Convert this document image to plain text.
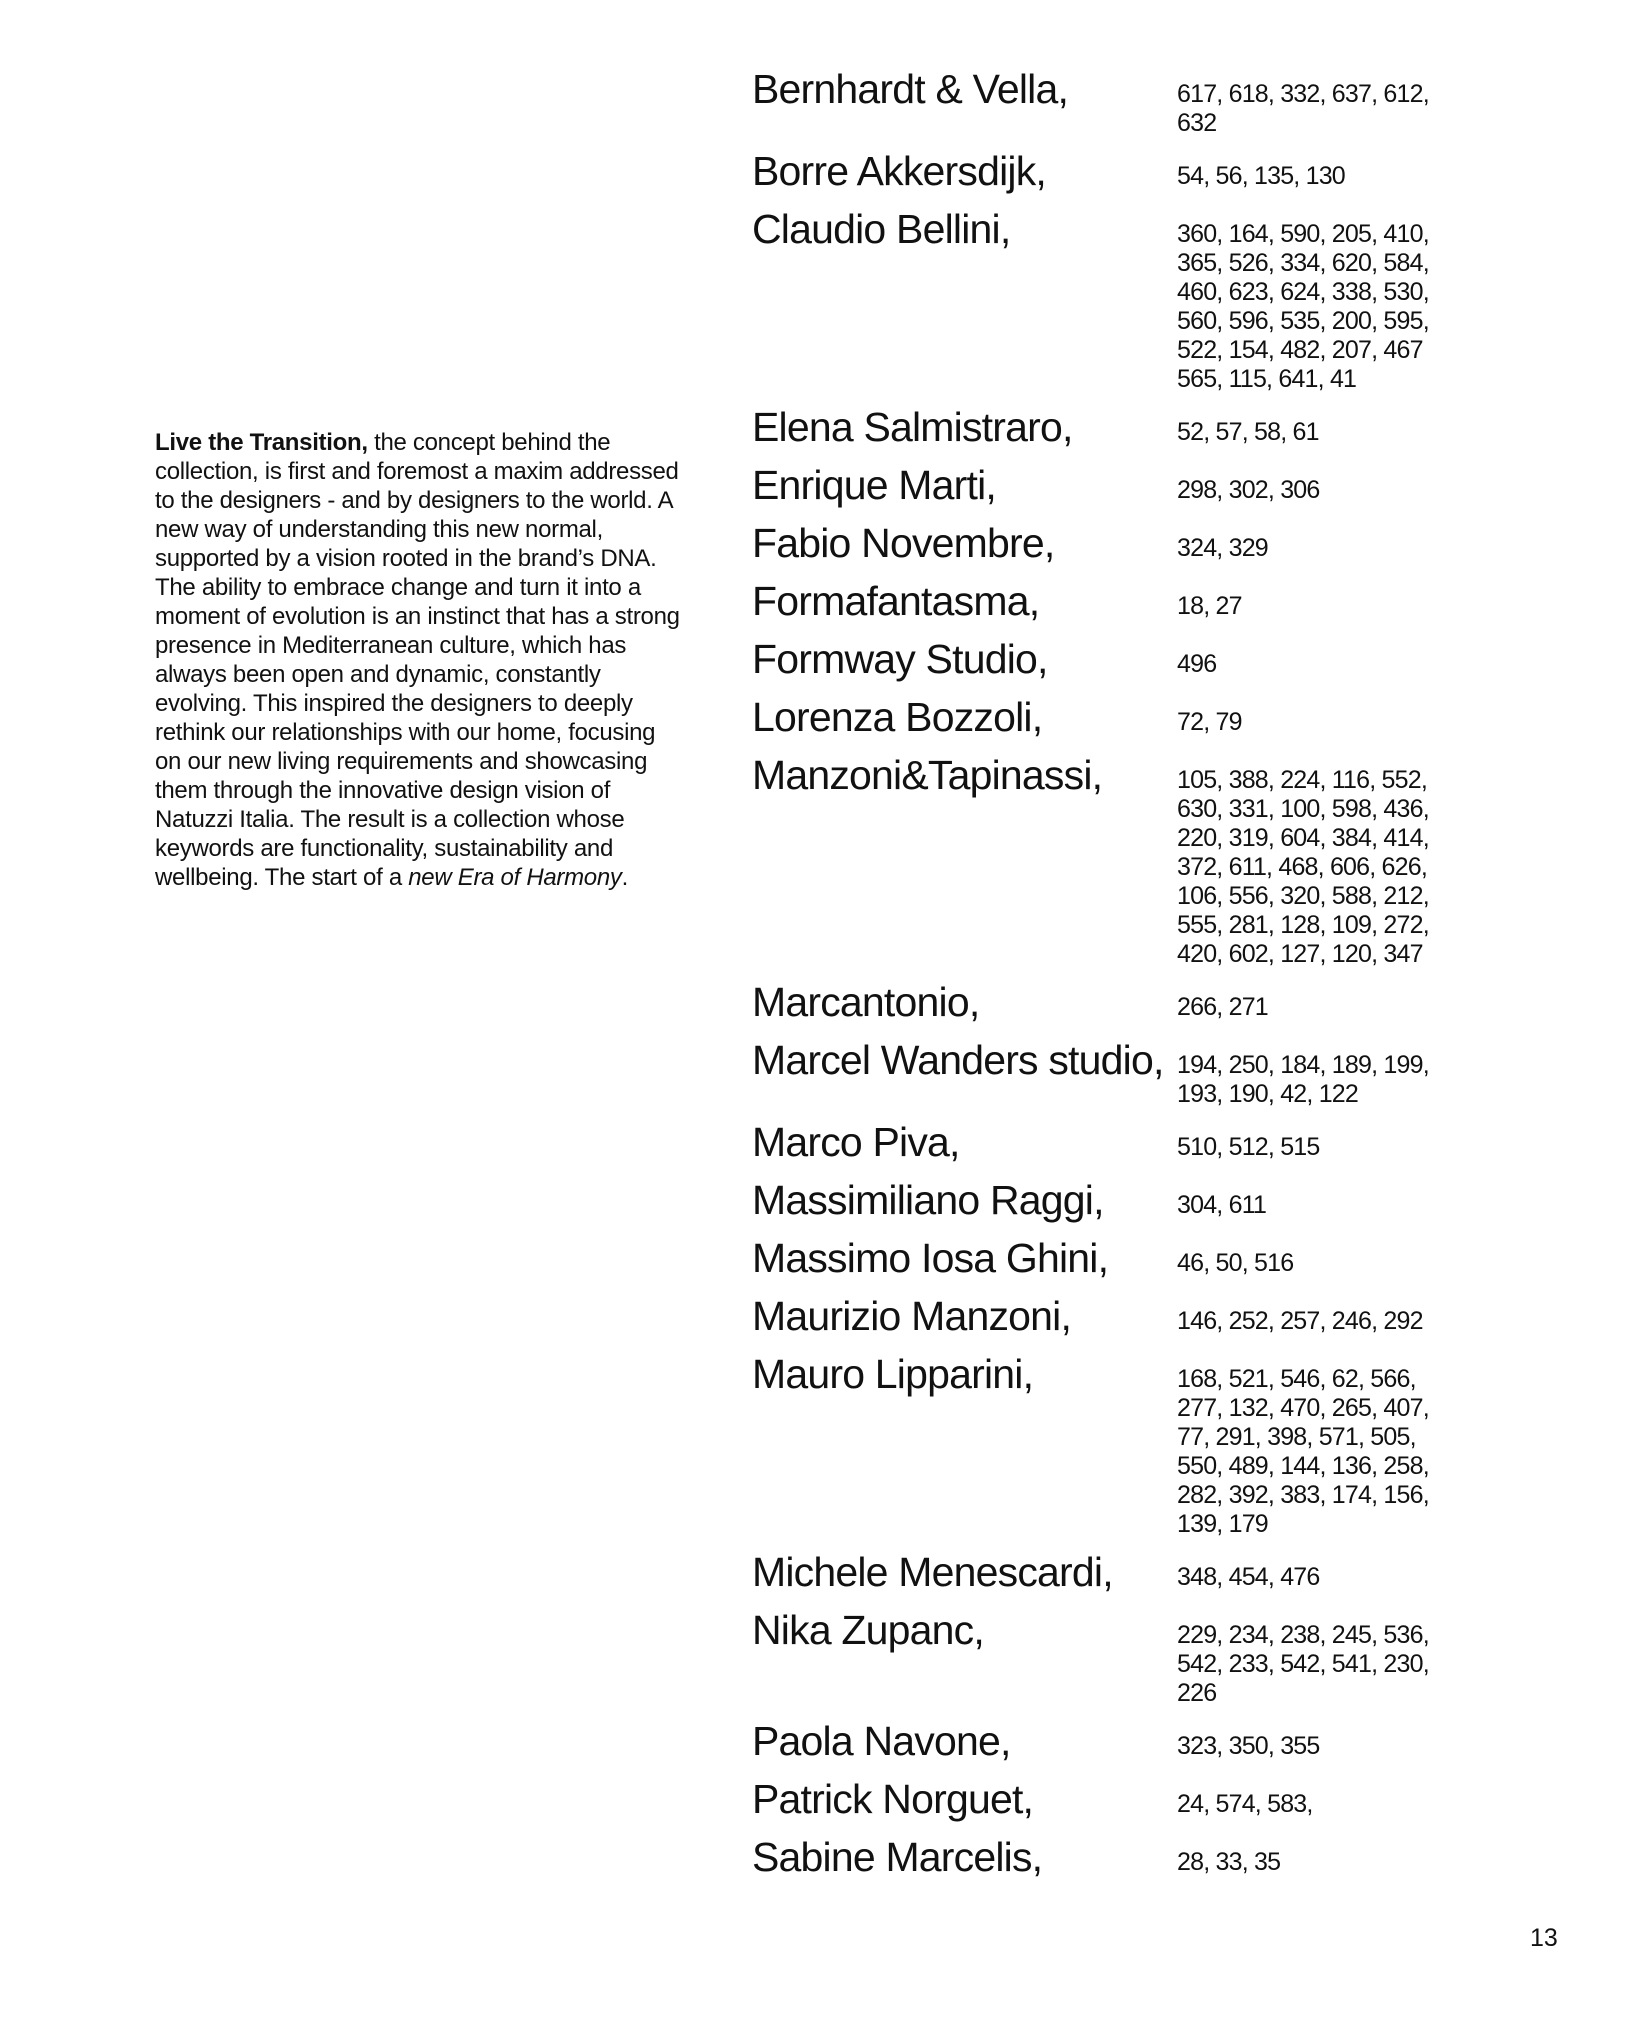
Live the Transition, the concept behind the collection, is first and foremost a maxim addressed to the designers - and by designers to the world. A new way of understanding this new normal, supported by a vision rooted in the brand’s DNA. The ability to embrace change and turn it into a moment of evolution is an instinct that has a strong presence in Mediterranean culture, which has always been open and dynamic, constantly evolving. This inspired the designers to deeply rethink our relationships with our home, focusing on our new living requirements and showcasing them through the innovative design vision of Natuzzi Italia. The result is a collection whose keywords are functionality, sustainability and wellbeing. The start of a new Era of Harmony.
Bernhardt & Vella,	617, 618, 332, 637, 612, 632
Borre Akkersdijk,	54, 56, 135, 130
Claudio Bellini,	360, 164, 590, 205, 410, 365, 526, 334, 620, 584, 460, 623, 624, 338, 530, 560, 596, 535, 200, 595, 522, 154, 482, 207, 467 565, 115, 641, 41
Elena Salmistraro,	52, 57, 58, 61
Enrique Marti,	298, 302, 306
Fabio Novembre,	324, 329
Formafantasma,	18, 27
Formway Studio,	496
Lorenza Bozzoli,	72, 79
Manzoni&Tapinassi,	105, 388, 224, 116, 552, 630, 331, 100, 598, 436, 220, 319, 604, 384, 414, 372, 611, 468, 606, 626, 106, 556, 320, 588, 212, 555, 281, 128, 109, 272, 420, 602, 127, 120, 347
Marcantonio,	266, 271
Marcel Wanders studio, 194, 250, 184, 189, 199, 193, 190, 42, 122
Marco Piva,	510, 512, 515
Massimiliano Raggi,	304, 611
Massimo Iosa Ghini,	46, 50, 516
Maurizio Manzoni,	146, 252, 257, 246, 292
Mauro Lipparini,	168, 521, 546, 62, 566, 277, 132, 470, 265, 407, 77, 291, 398, 571, 505, 550, 489, 144, 136, 258, 282, 392, 383, 174, 156, 139, 179
Michele Menescardi,	348, 454, 476
Nika Zupanc,	229, 234, 238, 245, 536, 542, 233, 542, 541, 230, 226
Paola Navone,	323, 350, 355
Patrick Norguet,	24, 574, 583,
Sabine Marcelis,	28, 33, 35
13
